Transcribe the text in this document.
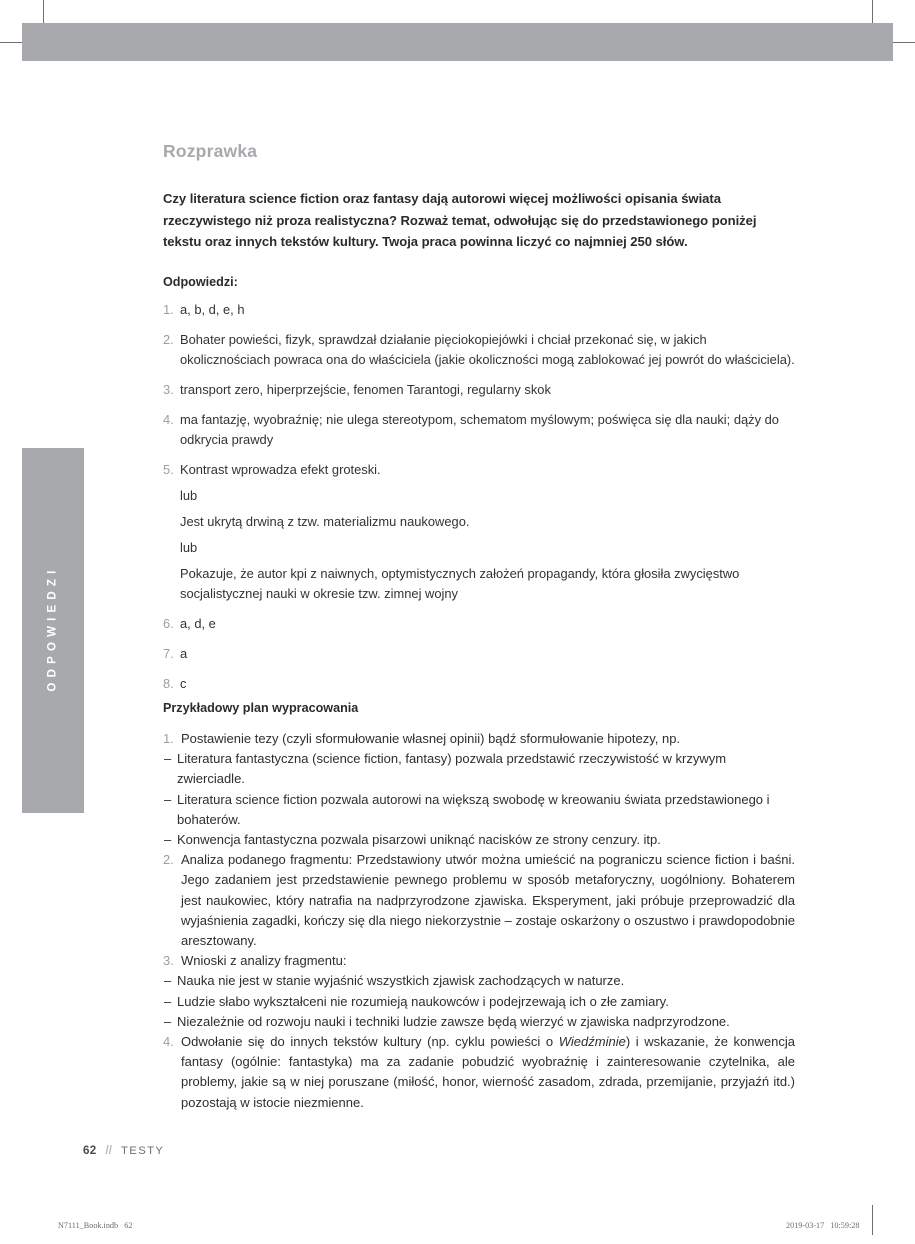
ODPOWIEDZI
Rozprawka
Czy literatura science fiction oraz fantasy dają autorowi więcej możliwości opisania świata rzeczywistego niż proza realistyczna? Rozważ temat, odwołując się do przedstawionego poniżej tekstu oraz innych tekstów kultury. Twoja praca powinna liczyć co najmniej 250 słów.
Odpowiedzi:
1. a, b, d, e, h
2. Bohater powieści, fizyk, sprawdzał działanie pięciokopiejówki i chciał przekonać się, w jakich okolicznościach powraca ona do właściciela (jakie okoliczności mogą zablokować jej powrót do właściciela).
3. transport zero, hiperprzejście, fenomen Tarantogi, regularny skok
4. ma fantazję, wyobraźnię; nie ulega stereotypom, schematom myślowym; poświęca się dla nauki; dąży do odkrycia prawdy
5. Kontrast wprowadza efekt groteski.
lub
Jest ukrytą drwiną z tzw. materializmu naukowego.
lub
Pokazuje, że autor kpi z naiwnych, optymistycznych założeń propagandy, która głosiła zwycięstwo socjalistycznej nauki w okresie tzw. zimnej wojny
6. a, d, e
7. a
8. c
Przykładowy plan wypracowania
1. Postawienie tezy (czyli sformułowanie własnej opinii) bądź sformułowanie hipotezy, np.
– Literatura fantastyczna (science fiction, fantasy) pozwala przedstawić rzeczywistość w krzywym zwierciadle.
– Literatura science fiction pozwala autorowi na większą swobodę w kreowaniu świata przedstawionego i bohaterów.
– Konwencja fantastyczna pozwala pisarzowi uniknąć nacisków ze strony cenzury. itp.
2. Analiza podanego fragmentu: Przedstawiony utwór można umieścić na pograniczu science fiction i baśni. Jego zadaniem jest przedstawienie pewnego problemu w sposób metaforyczny, uogólniony. Bohaterem jest naukowiec, który natrafia na nadprzyrodzone zjawiska. Eksperyment, jaki próbuje przeprowadzić dla wyjaśnienia zagadki, kończy się dla niego niekorzystnie – zostaje oskarżony o oszustwo i prawdopodobnie aresztowany.
3. Wnioski z analizy fragmentu:
– Nauka nie jest w stanie wyjaśnić wszystkich zjawisk zachodzących w naturze.
– Ludzie słabo wykształceni nie rozumieją naukowców i podejrzewają ich o złe zamiary.
– Niezależnie od rozwoju nauki i techniki ludzie zawsze będą wierzyć w zjawiska nadprzyrodzone.
4. Odwołanie się do innych tekstów kultury (np. cyklu powieści o Wiedźminie) i wskazanie, że konwencja fantasy (ogólnie: fantastyka) ma za zadanie pobudzić wyobraźnię i zainteresowanie czytelnika, ale problemy, jakie są w niej poruszane (miłość, honor, wierność zasadom, zdrada, przemijanie, przyjaźń itd.) pozostają w istocie niezmienne.
62 // TESTY
N7111_Book.indb   62	2019-03-17   10:59:28
